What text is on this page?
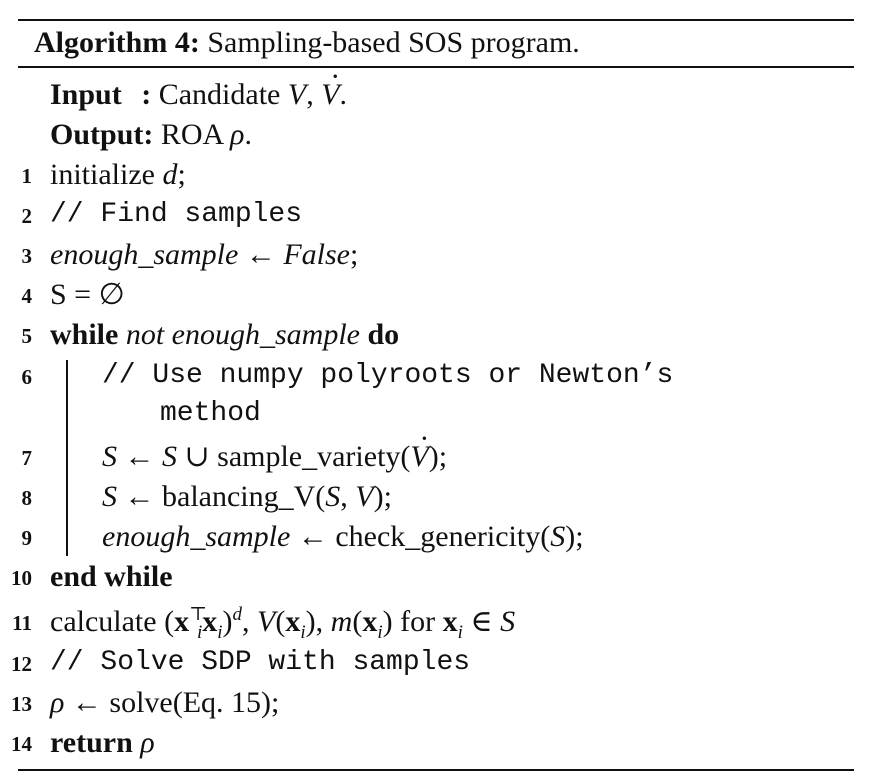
Algorithm 4: Sampling-based SOS program.
Input : Candidate V, · V.
Output: ROA ρ.
1 initialize d;
2 // Find samples
3 enough_sample ← False;
4 S = ∅
5 while not enough_sample do
6	// Use numpy polyroots or Newton’s
method
7 S ← S ∪ sample_variety(· V);
8 S ← balancing_V(S, V);
9 enough_sample ← check_genericity(S);
10 end while
11 calculate $(x^⊤_ix_i)^d$, $V(x_i)$, $m(x_i)$ for $x_i$ ∈ S
12 // Solve SDP with samples
13 ρ ← solve(Eq. 15);
14 return ρ
